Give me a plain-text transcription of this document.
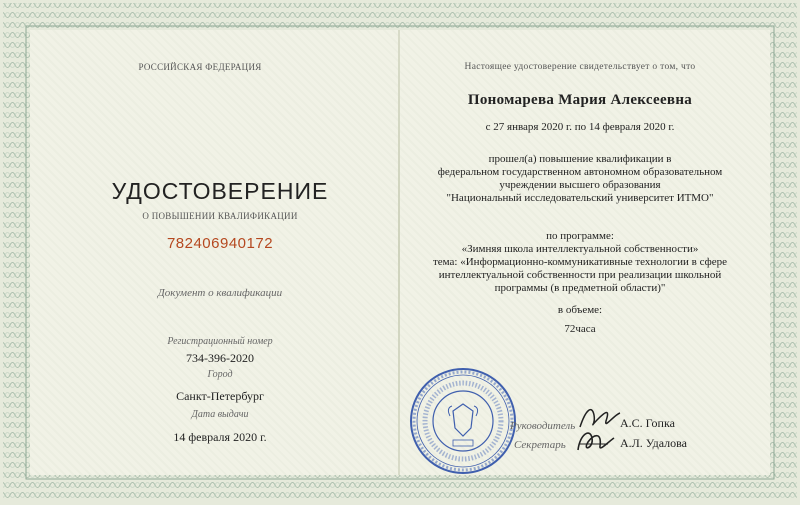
РОССИЙСКАЯ ФЕДЕРАЦИЯ
УДОСТОВЕРЕНИЕ
О ПОВЫШЕНИИ КВАЛИФИКАЦИИ
782406940172
Документ о квалификации
Регистрационный номер
734-396-2020
Город
Санкт-Петербург
Дата выдачи
14 февраля 2020 г.
Настоящее удостоверение свидетельствует о том, что
Пономарева Мария Алексеевна
с 27 января 2020 г. по 14 февраля 2020 г.
прошел(а) повышение квалификации в
федеральном государственном автономном образовательном
учреждении высшего образования
"Национальный исследовательский университет ИТМО"
по программе:
«Зимняя школа интеллектуальной собственности»
тема: «Информационно-коммуникативные технологии в сфере
интеллектуальной собственности при реализации школьной
программы (в предметной области)"
в объеме:
72часа
Руководитель	А.С. Гопка
Секретарь	А.Л. Удалова
